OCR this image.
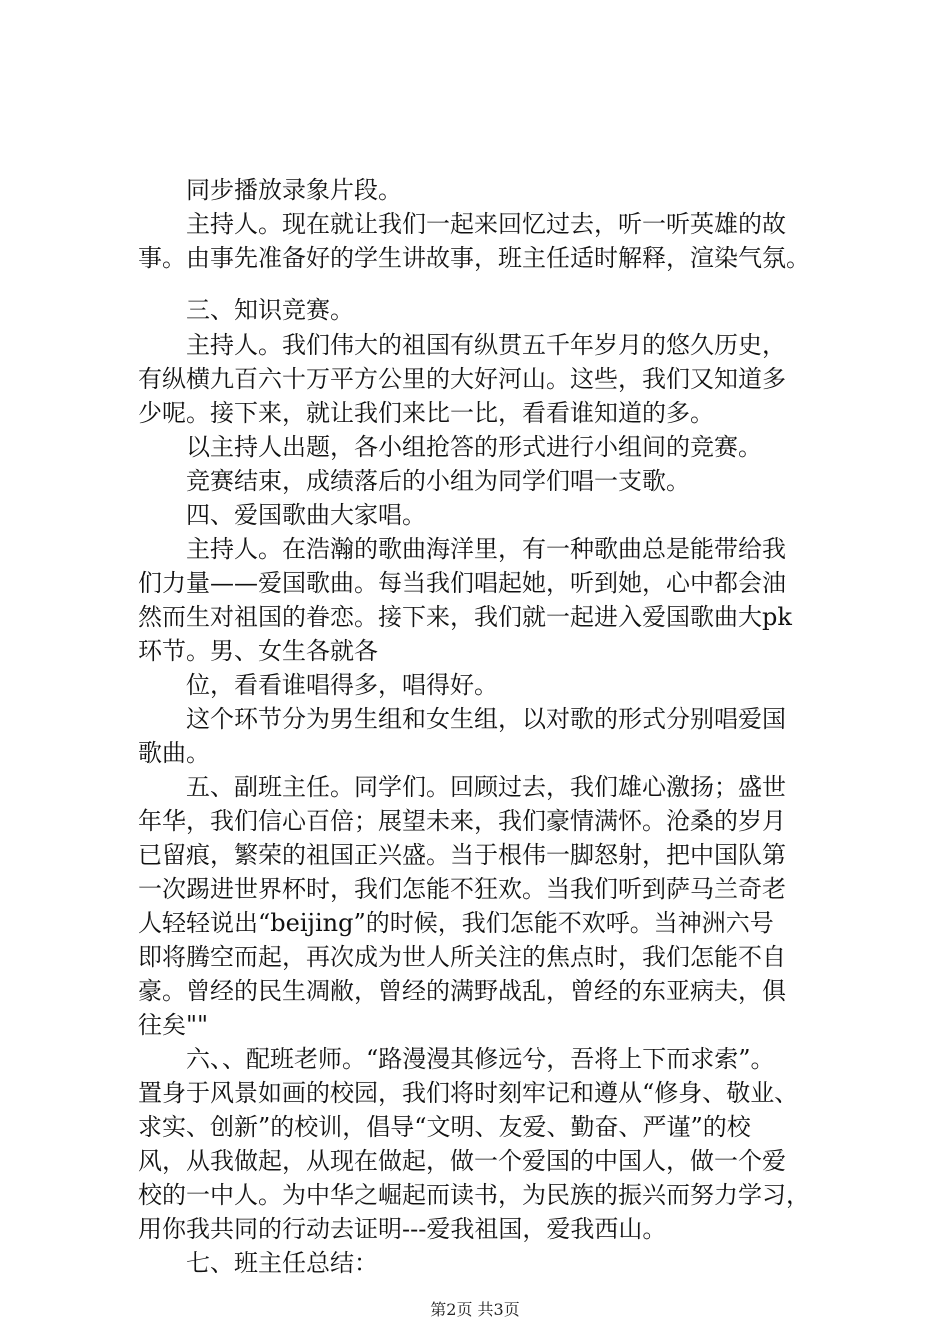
　　同步播放录象片段。
　　主持人。现在就让我们一起来回忆过去，听一听英雄的故
事。由事先准备好的学生讲故事，班主任适时解释，渲染气氛。
　　三、知识竞赛。
　　主持人。我们伟大的祖国有纵贯五千年岁月的悠久历史，
有纵横九百六十万平方公里的大好河山。这些，我们又知道多
少呢。接下来，就让我们来比一比，看看谁知道的多。
　　以主持人出题，各小组抢答的形式进行小组间的竞赛。
　　竞赛结束，成绩落后的小组为同学们唱一支歌。
　　四、爱国歌曲大家唱。
　　主持人。在浩瀚的歌曲海洋里，有一种歌曲总是能带给我
们力量——爱国歌曲。每当我们唱起她，听到她，心中都会油
然而生对祖国的眷恋。接下来，我们就一起进入爱国歌曲大pk
环节。男、女生各就各
　　位，看看谁唱得多，唱得好。
　　这个环节分为男生组和女生组，以对歌的形式分别唱爱国
歌曲。
　　五、副班主任。同学们。回顾过去，我们雄心激扬；盛世
年华，我们信心百倍；展望未来，我们豪情满怀。沧桑的岁月
已留痕，繁荣的祖国正兴盛。当于根伟一脚怒射，把中国队第
一次踢进世界杯时，我们怎能不狂欢。当我们听到萨马兰奇老
人轻轻说出“beijing”的时候，我们怎能不欢呼。当神洲六号
即将腾空而起，再次成为世人所关注的焦点时，我们怎能不自
豪。曾经的民生凋敝，曾经的满野战乱，曾经的东亚病夫，俱
往矣""
　　六、、配班老师。“路漫漫其修远兮，吾将上下而求索”。
置身于风景如画的校园，我们将时刻牢记和遵从“修身、敬业、
求实、创新”的校训，倡导“文明、友爱、勤奋、严谨”的校
风，从我做起，从现在做起，做一个爱国的中国人，做一个爱
校的一中人。为中华之崛起而读书，为民族的振兴而努力学习，
用你我共同的行动去证明---爱我祖国，爱我西山。
　　七、班主任总结：
第2页 共3页
